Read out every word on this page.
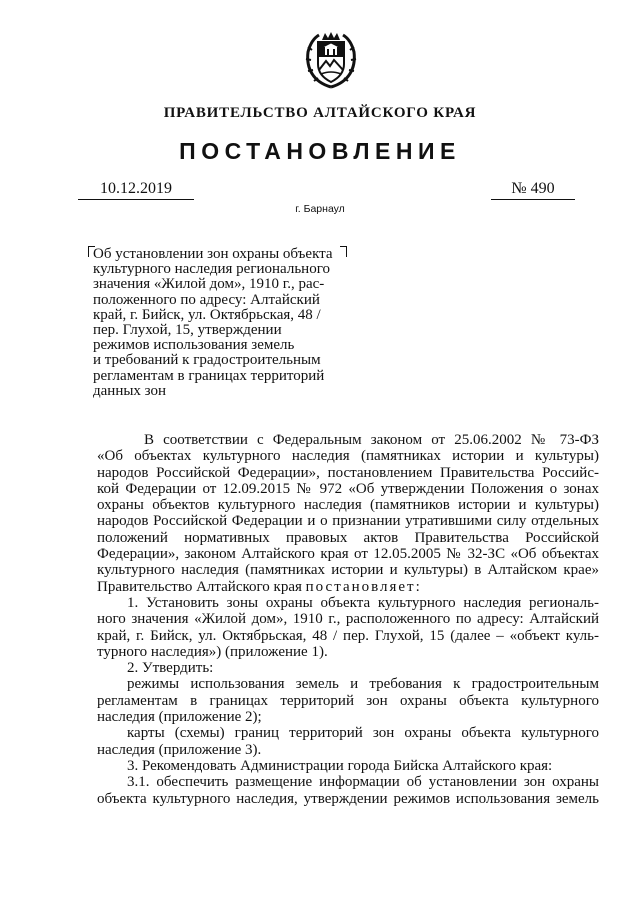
ПРАВИТЕЛЬСТВО АЛТАЙСКОГО КРАЯ
ПОСТАНОВЛЕНИЕ
10.12.2019	№ 490
г. Барнаул
Об установлении зон охраны объекта
культурного наследия регионального
значения «Жилой дом», 1910 г., рас-
положенного по адресу: Алтайский
край, г. Бийск, ул. Октябрьская, 48 /
пер. Глухой, 15, утверждении
режимов использования земель
и требований к градостроительным
регламентам в границах территорий
данных зон
В соответствии с Федеральным законом от 25.06.2002 № 73-ФЗ
«Об объектах культурного наследия (памятниках истории и культуры)
народов Российской Федерации», постановлением Правительства Российс-
кой Федерации от 12.09.2015 № 972 «Об утверждении Положения о зонах
охраны объектов культурного наследия (памятников истории и культуры)
народов Российской Федерации и о признании утратившими силу отдельных
положений нормативных правовых актов Правительства Российской
Федерации», законом Алтайского края от 12.05.2005 № 32-ЗС «Об объектах
культурного наследия (памятниках истории и культуры) в Алтайском крае»
Правительство Алтайского края постановляет:
1. Установить зоны охраны объекта культурного наследия региональ-
ного значения «Жилой дом», 1910 г., расположенного по адресу: Алтайский
край, г. Бийск, ул. Октябрьская, 48 / пер. Глухой, 15 (далее – «объект куль-
турного наследия») (приложение 1).
2. Утвердить:
режимы использования земель и требования к градостроительным
регламентам в границах территорий зон охраны объекта культурного
наследия (приложение 2);
карты (схемы) границ территорий зон охраны объекта культурного
наследия (приложение 3).
3. Рекомендовать Администрации города Бийска Алтайского края:
3.1. обеспечить размещение информации об установлении зон охраны
объекта культурного наследия, утверждении режимов использования земель
